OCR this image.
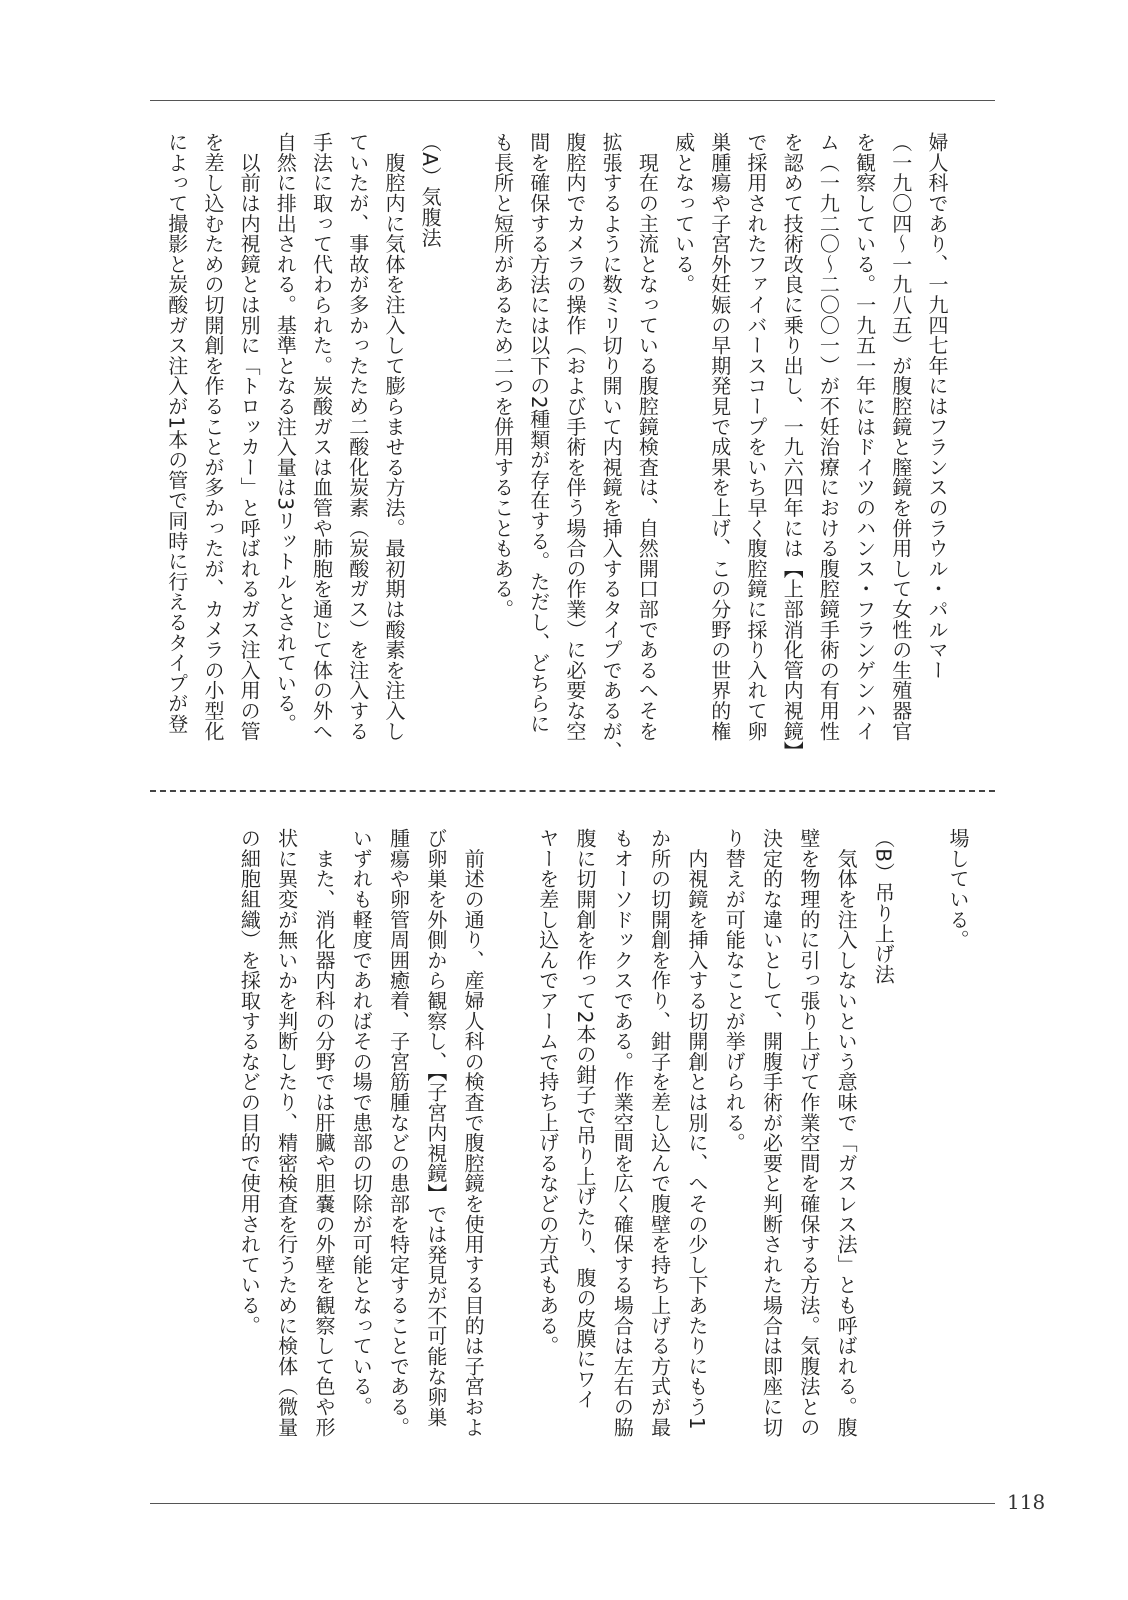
婦人科であり、一九四七年にはフランスのラウル・パルマー
（一九〇四～一九八五）が腹腔鏡と膣鏡を併用して女性の生殖器官
を観察している。一九五一年にはドイツのハンス・フランゲンハイ
ム（一九二〇～二〇〇一）が不妊治療における腹腔鏡手術の有用性
を認めて技術改良に乗り出し、一九六四年には【上部消化管内視鏡】
で採用されたファイバースコープをいち早く腹腔鏡に採り入れて卵
巣腫瘍や子宮外妊娠の早期発見で成果を上げ、この分野の世界的権
威となっている。
　現在の主流となっている腹腔鏡検査は、自然開口部であるへそを
拡張するように数ミリ切り開いて内視鏡を挿入するタイプであるが、
腹腔内でカメラの操作（および手術を伴う場合の作業）に必要な空
間を確保する方法には以下の2種類が存在する。ただし、どちらに
も長所と短所があるため二つを併用することもある。

（A）気腹法
　腹腔内に気体を注入して膨らませる方法。最初期は酸素を注入し
ていたが、事故が多かったため二酸化炭素（炭酸ガス）を注入する
手法に取って代わられた。炭酸ガスは血管や肺胞を通じて体の外へ
自然に排出される。基準となる注入量は3リットルとされている。
　以前は内視鏡とは別に「トロッカー」と呼ばれるガス注入用の管
を差し込むための切開創を作ることが多かったが、カメラの小型化
によって撮影と炭酸ガス注入が1本の管で同時に行えるタイプが登
場している。

（B）吊り上げ法
　気体を注入しないという意味で「ガスレス法」とも呼ばれる。腹
壁を物理的に引っ張り上げて作業空間を確保する方法。気腹法との
決定的な違いとして、開腹手術が必要と判断された場合は即座に切
り替えが可能なことが挙げられる。
　内視鏡を挿入する切開創とは別に、へその少し下あたりにもう1
か所の切開創を作り、鉗子を差し込んで腹壁を持ち上げる方式が最
もオーソドックスである。作業空間を広く確保する場合は左右の脇
腹に切開創を作って2本の鉗子で吊り上げたり、腹の皮膜にワイ
ヤーを差し込んでアームで持ち上げるなどの方式もある。

　前述の通り、産婦人科の検査で腹腔鏡を使用する目的は子宮およ
び卵巣を外側から観察し、【子宮内視鏡】では発見が不可能な卵巣
腫瘍や卵管周囲癒着、子宮筋腫などの患部を特定することである。
いずれも軽度であればその場で患部の切除が可能となっている。
　また、消化器内科の分野では肝臓や胆嚢の外壁を観察して色や形
状に異変が無いかを判断したり、精密検査を行うために検体（微量
の細胞組織）を採取するなどの目的で使用されている。
118
